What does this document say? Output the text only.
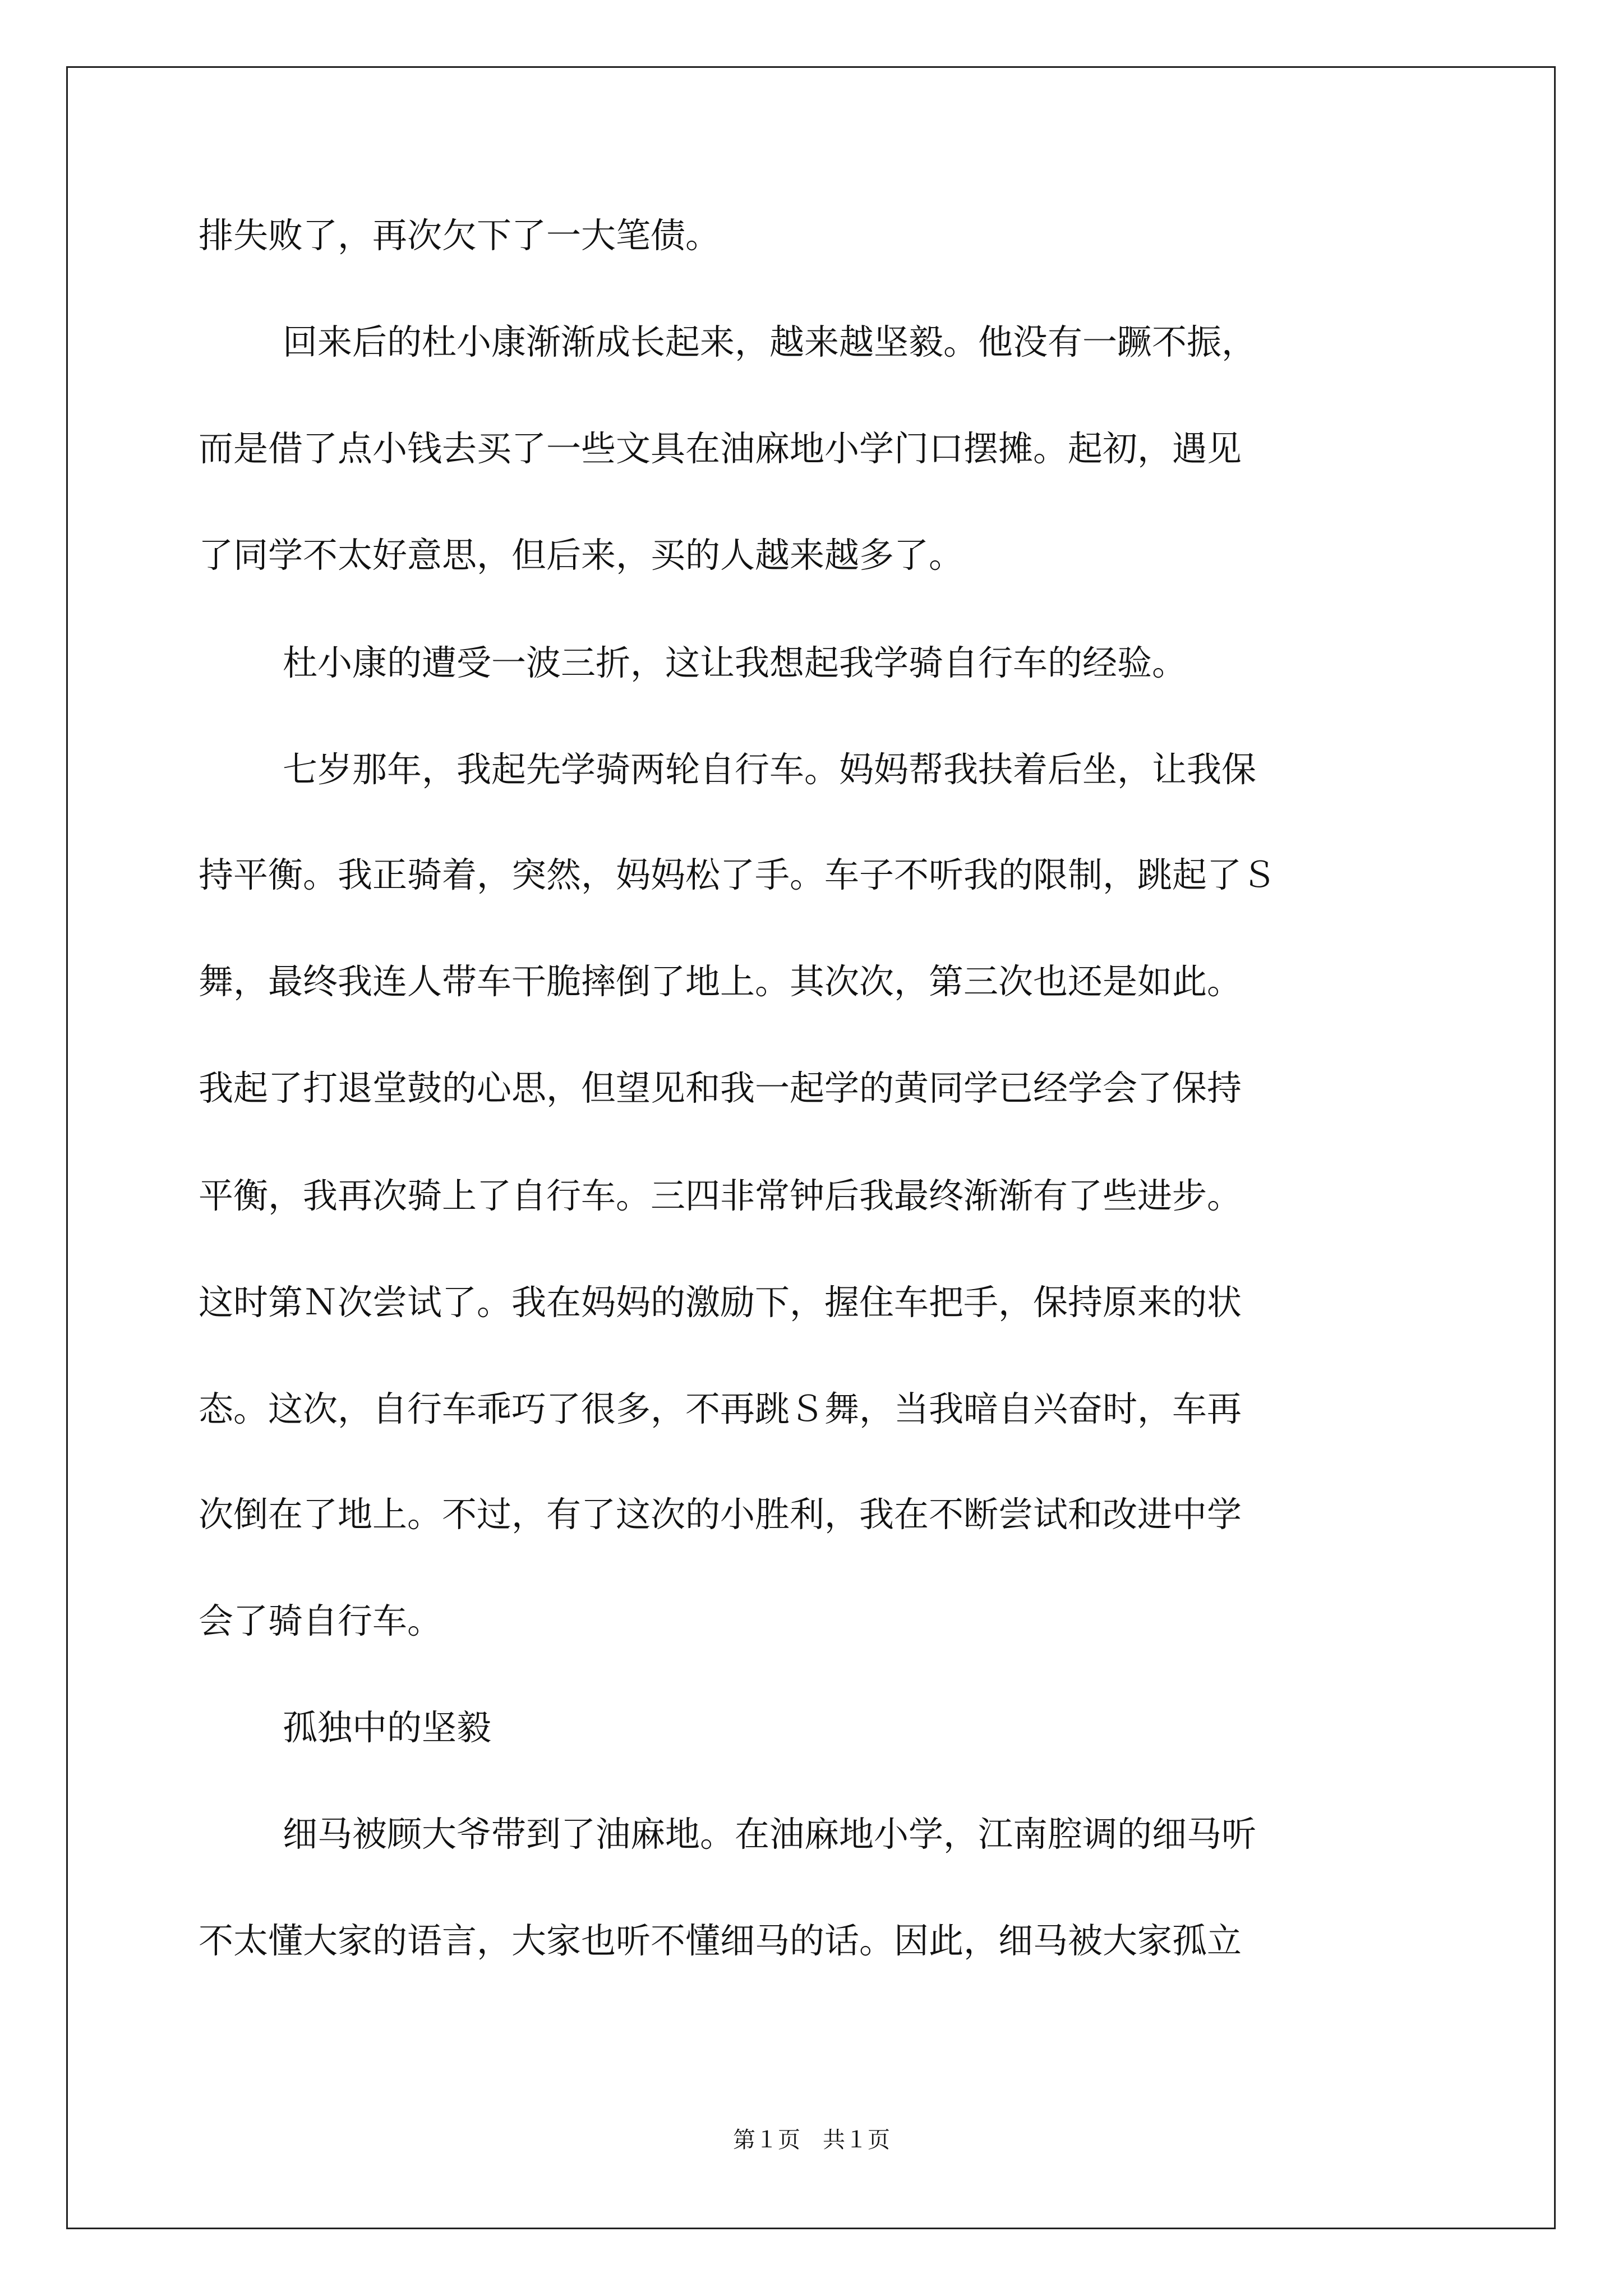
排失败了，再次欠下了一大笔债。
回来后的杜小康渐渐成长起来，越来越坚毅。他没有一蹶不振，
而是借了点小钱去买了一些文具在油麻地小学门口摆摊。起初，遇见
了同学不太好意思，但后来，买的人越来越多了。
杜小康的遭受一波三折，这让我想起我学骑自行车的经验。
七岁那年，我起先学骑两轮自行车。妈妈帮我扶着后坐，让我保
持平衡。我正骑着，突然，妈妈松了手。车子不听我的限制，跳起了Ｓ
舞，最终我连人带车干脆摔倒了地上。其次次，第三次也还是如此。
我起了打退堂鼓的心思，但望见和我一起学的黄同学已经学会了保持
平衡，我再次骑上了自行车。三四非常钟后我最终渐渐有了些进步。
这时第Ｎ次尝试了。我在妈妈的激励下，握住车把手，保持原来的状
态。这次，自行车乖巧了很多，不再跳Ｓ舞，当我暗自兴奋时，车再
次倒在了地上。不过，有了这次的小胜利，我在不断尝试和改进中学
会了骑自行车。
孤独中的坚毅
细马被顾大爷带到了油麻地。在油麻地小学，江南腔调的细马听
不太懂大家的语言，大家也听不懂细马的话。因此，细马被大家孤立
第１页　共１页
